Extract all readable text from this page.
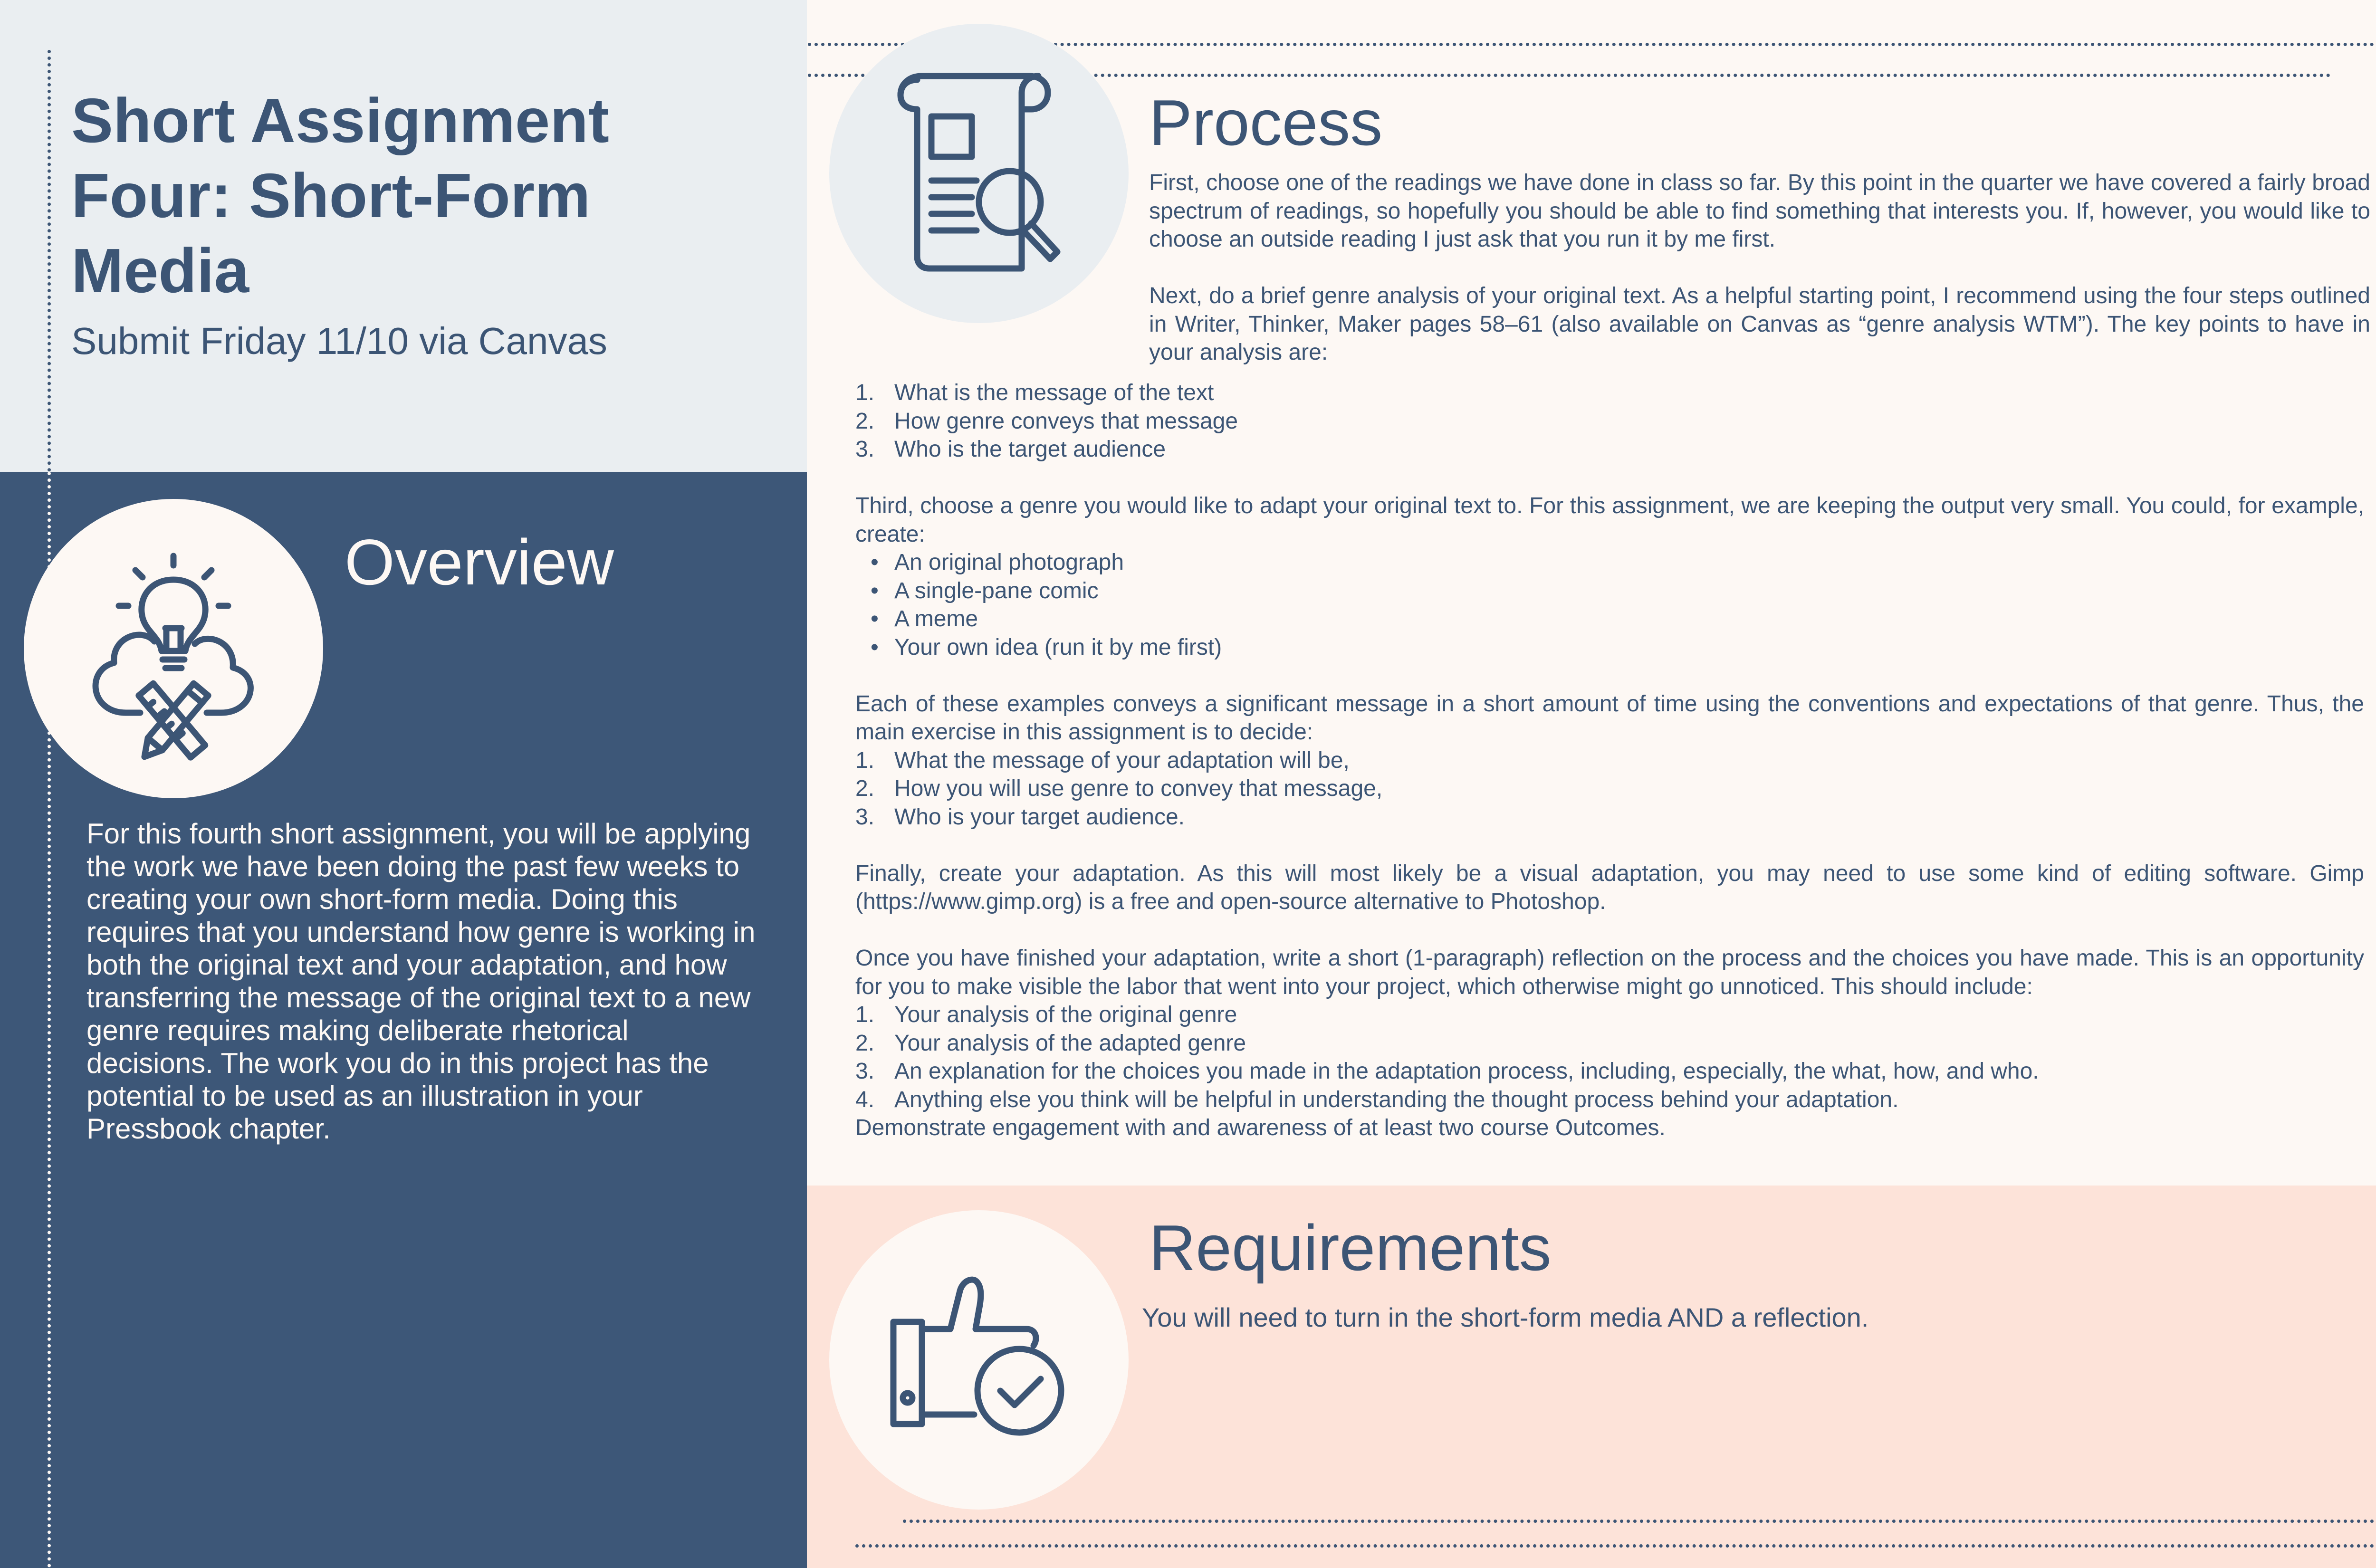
Short Assignment Four: Short-Form Media
Submit Friday 11/10 via Canvas
Overview

For this fourth short assignment, you will be applying the work we have been doing the past few weeks to creating your own short-form media. Doing this requires that you understand how genre is working in both the original text and your adaptation, and how transferring the message of the original text to a new genre requires making deliberate rhetorical decisions. The work you do in this project has the potential to be used as an illustration in your Pressbook chapter.

Process

First, choose one of the readings we have done in class so far. By this point in the quarter we have covered a fairly broad spectrum of readings, so hopefully you should be able to find something that interests you. If, however, you would like to choose an outside reading I just ask that you run it by me first.

Next, do a brief genre analysis of your original text. As a helpful starting point, I recommend using the four steps outlined in Writer, Thinker, Maker pages 58–61 (also available on Canvas as “genre analysis WTM”). The key points to have in your analysis are:

1. What is the message of the text
2. How genre conveys that message
3. Who is the target audience

Third, choose a genre you would like to adapt your original text to. For this assignment, we are keeping the output very small. You could, for example, create:

• An original photograph
• A single-pane comic
• A meme
• Your own idea (run it by me first)

Each of these examples conveys a significant message in a short amount of time using the conventions and expectations of that genre. Thus, the main exercise in this assignment is to decide:

1. What the message of your adaptation will be,
2. How you will use genre to convey that message,
3. Who is your target audience.

Finally, create your adaptation. As this will most likely be a visual adaptation, you may need to use some kind of editing software. Gimp (https://www.gimp.org) is a free and open-source alternative to Photoshop.

Once you have finished your adaptation, write a short (1-paragraph) reflection on the process and the choices you have made. This is an opportunity for you to make visible the labor that went into your project, which otherwise might go unnoticed. This should include:

1. Your analysis of the original genre
2. Your analysis of the adapted genre
3. An explanation for the choices you made in the adaptation process, including, especially, the what, how, and who.
4. Anything else you think will be helpful in understanding the thought process behind your adaptation.

Demonstrate engagement with and awareness of at least two course Outcomes.

Requirements
You will need to turn in the short-form media AND a reflection.
